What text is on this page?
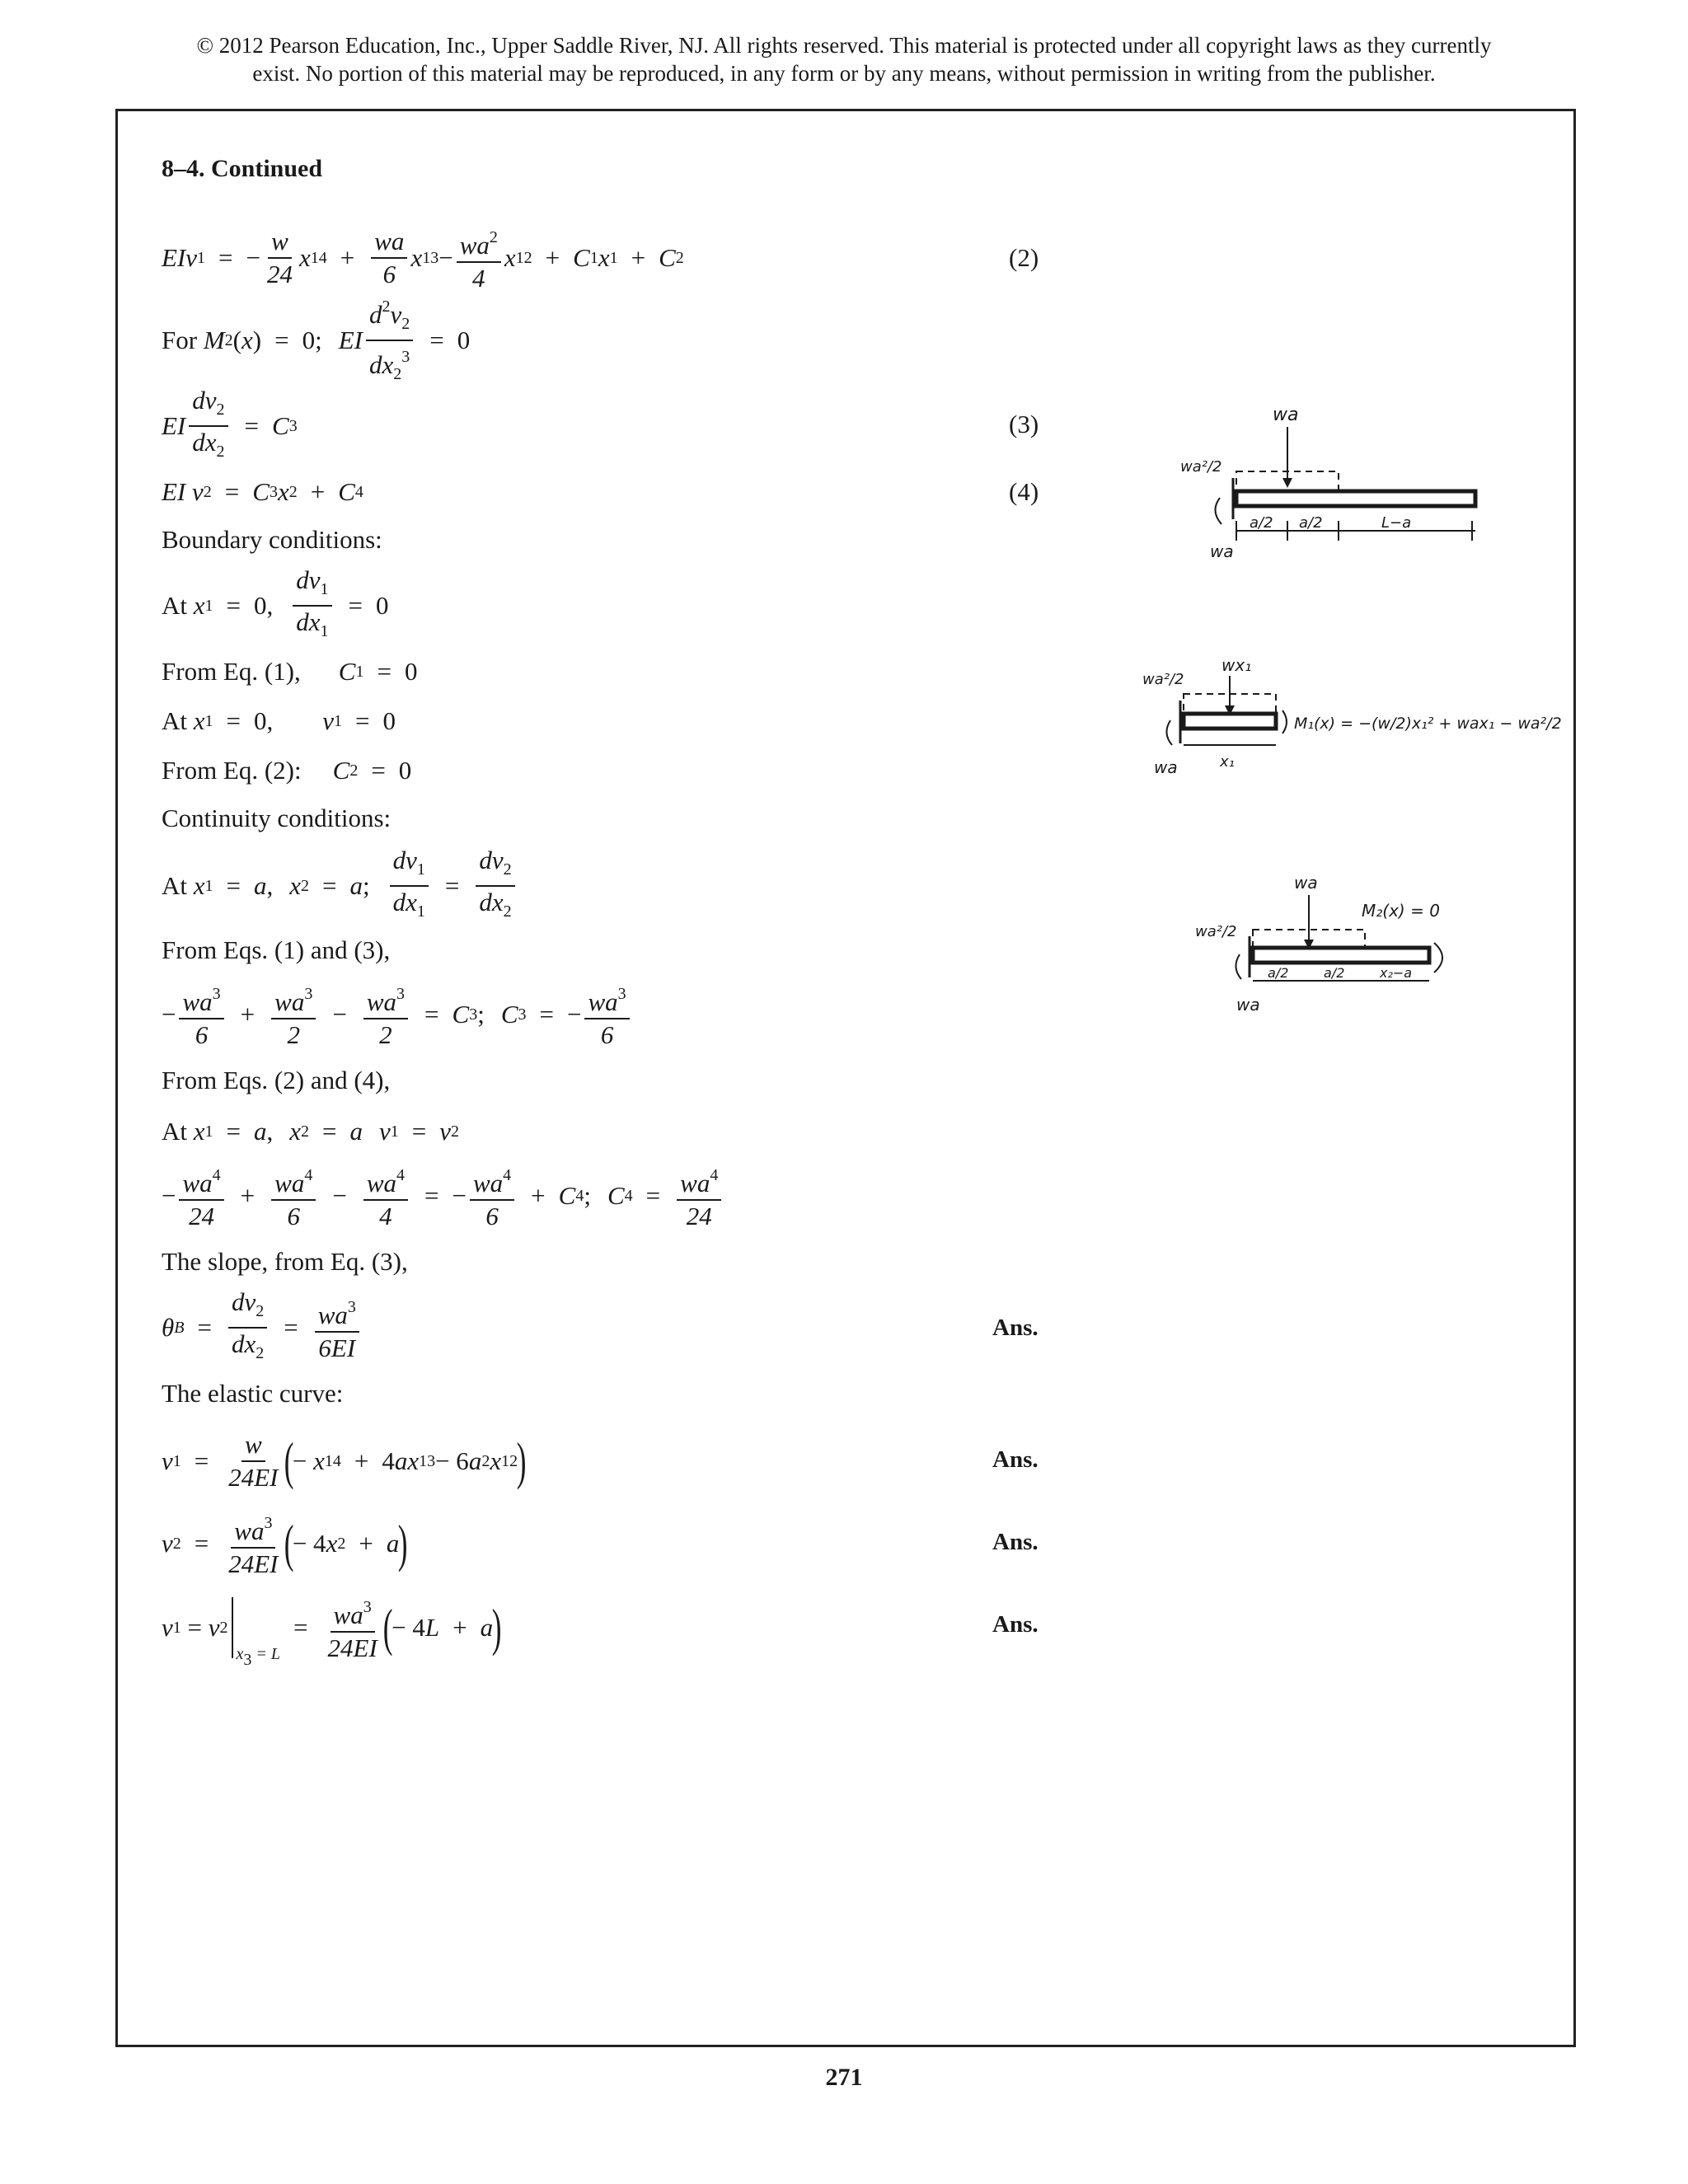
© 2012 Pearson Education, Inc., Upper Saddle River, NJ. All rights reserved. This material is protected under all copyright laws as they currently
exist. No portion of this material may be reproduced, in any form or by any means, without permission in writing from the publisher.
8–4. Continued
EIv 1 = − $\frac{w}{24}$ x 1 $4 + \frac{wa}{6}$ x 1 $3 - \frac{wa^2}{4}$ x 1 2 + C 1 x 1 + C 2	(2)
For
M 2 ( x ) = 0; EI $\frac{d^2v_2}{dx_2^3} = 0$
EI $\frac{dv_2}{dx_2} = C$ 3	(3)
EI v 2 = C 3 x 2 + C 4	(4)
Boundary conditions:
At
x 1 = 0, $\frac{dv_1}{dx_1} = 0$
From Eq. (1), C 1 = 0
At
x 1 = 0, v 1 = 0
From Eq. (2): C 2 = 0
Continuity conditions:
At
x 1 = a , x 2 = a ; $\frac{dv_1}{dx_1} = \frac{dv_2}{dx_2}$
From Eqs. (1) and (3),
− $\frac{wa^3}{6} + \frac{wa^3}{2} - \frac{wa^3}{2} = C$ 3 ; C 3 = − $\frac{wa^3}{6}$
From Eqs. (2) and (4),
At
x 1 = a , x 2 = a v 1 = v 2
− $\frac{wa^4}{24} + \frac{wa^4}{6} - \frac{wa^4}{4}$ = − $\frac{wa^4}{6} + C$ 4 ; C $4 = \frac{wa^4}{24}$
The slope, from Eq. (3),
θ $B = \frac{dv_2}{dx_2} = \frac{wa^3}{6EI}$	Ans.
The elastic curve:
v $1 = \frac{w}{24EI}$ (
− x 1 4 + 4 ax 1 3 − 6 a 2 x 1 2
)	Ans.
v $2 = \frac{wa^3}{24EI}$ (
− 4 x 2 + a
)	Ans.
v 1 = v 2
$x_3 = L$
= $\frac{wa^3}{24EI}$ (
− 4 L + a
)	Ans.
wa
wa²/2
wa
a/2 a/2	L−a
wx₁
wa²/2
wa	x₁
M₁(x) = −(w/2)x₁² + wax₁ − wa²/2
wa
wa²/2
wa
a/2	a/2	x₂−a
M₂(x) = 0
271
